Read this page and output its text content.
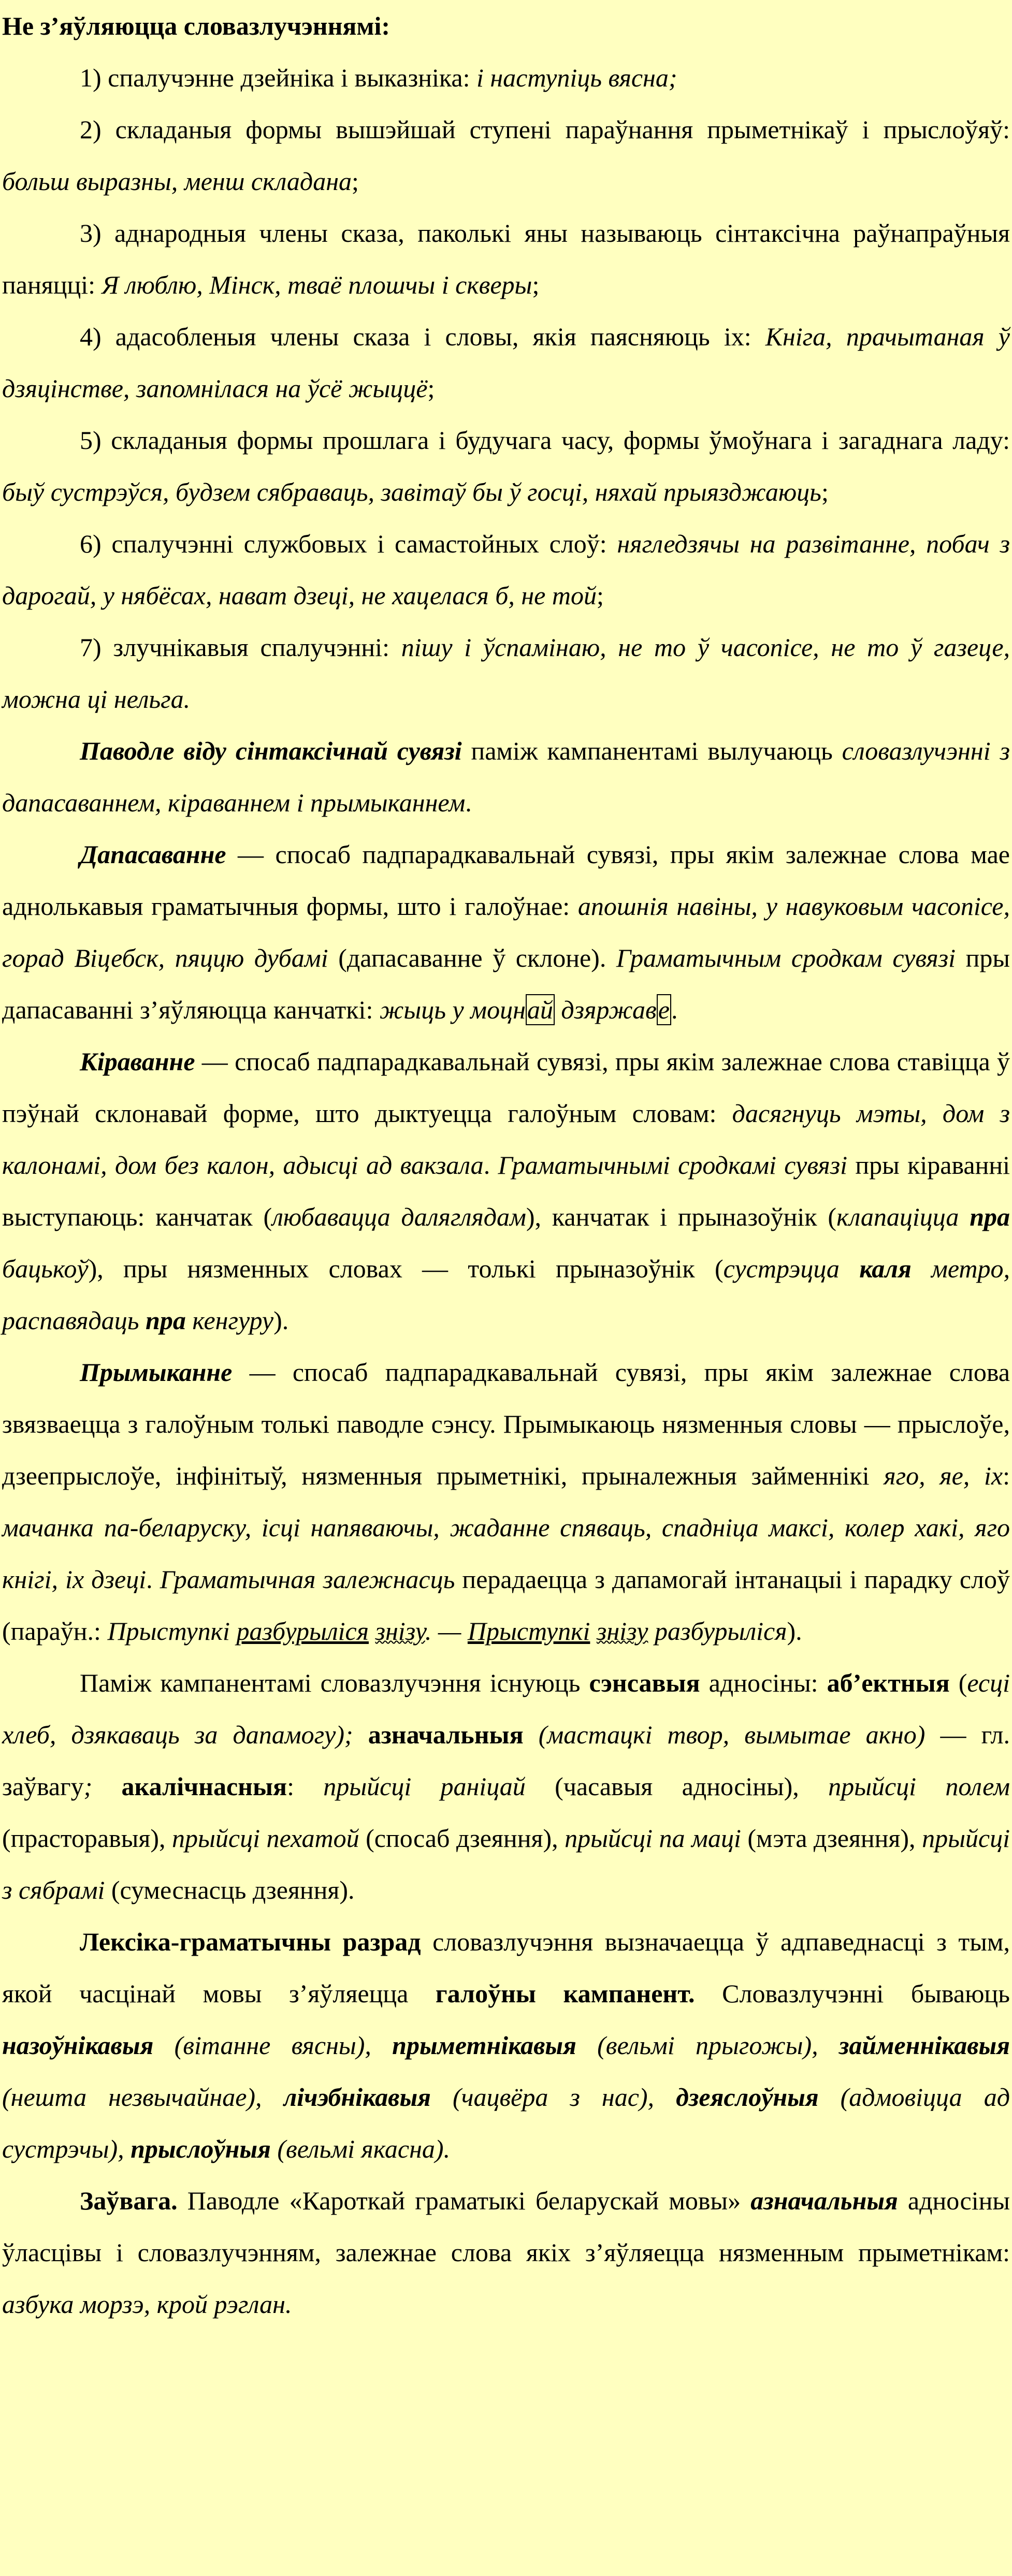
Не з’яўляюцца словазлучэннямі:

1) спалучэнне дзейніка і выказніка: і наступіць вясна;

2) складаныя формы вышэйшай ступені параўнання прыметнікаў і прыслоўяў: больш выразны, менш складана;

3) аднародныя члены сказа, паколькі яны называюць сінтаксічна раўнапраўныя паняцці: Я люблю, Мінск, тваё плошчы і скверы;

4) адасобленыя члены сказа і словы, якія паясняюць іх: Кніга, прачытаная ў дзяцінстве, запомнілася на ўсё жыццё;

5) складаныя формы прошлага і будучага часу, формы ўмоўнага і загаднага ладу: быў сустрэўся, будзем сябраваць, завітаў бы ў госці, няхай прыязджаюць;

6) спалучэнні службовых і самастойных слоў: нягледзячы на развітанне, побач з дарогай, у нябёсах, нават дзеці, не хацелася б, не той;

7) злучнікавыя спалучэнні: пішу і ўспамінаю, не то ў часопісе, не то ў газеце, можна ці нельга.

Паводле віду сінтаксічнай сувязі паміж кампанентамі вылучаюць словазлучэнні з дапасаваннем, кіраваннем і прымыканнем.

Дапасаванне — спосаб падпарадкавальнай сувязі, пры якім залежнае слова мае аднолькавыя граматычныя формы, што і галоўнае: апошнія навіны, у навуковым часопісе, горад Віцебск, пяццю дубамі (дапасаванне ў склоне). Граматычным сродкам сувязі пры дапасаванні з’яўляюцца канчаткі: жыць у моцнай дзяржаве.

Кіраванне — спосаб падпарадкавальнай сувязі, пры якім залежнае слова ставіцца ў пэўнай склонавай форме, што дыктуецца галоўным словам: дасягнуць мэты, дом з калонамі, дом без калон, адысці ад вакзала. Граматычнымі сродкамі сувязі пры кіраванні выступаюць: канчатак (любавацца даляглядам), канчатак і прыназоўнік (клапаціцца пра бацькоў), пры нязменных словах — толькі прыназоўнік (сустрэцца каля метро, распавядаць пра кенгуру).

Прымыканне — спосаб падпарадкавальнай сувязі, пры якім залежнае слова звязваецца з галоўным толькі паводле сэнсу. Прымыкаюць нязменныя словы — прыслоўе, дзеепрыслоўе, інфінітыў, нязменныя прыметнікі, прыналежныя займеннікі яго, яе, іх: мачанка па-беларуску, ісці напяваючы, жаданне спяваць, спадніца максі, колер хакі, яго кнігі, іх дзеці. Граматычная залежнасць перадаецца з дапамогай інтанацыі і парадку слоў (параўн.: Прыступкі разбурыліся знізу. — Прыступкі знізу разбурыліся).

Паміж кампанентамі словазлучэння існуюць сэнсавыя адносіны: аб’ектныя (есці хлеб, дзякаваць за дапамогу); азначальныя (мастацкі твор, вымытае акно) — гл. заўвагу; акалічнасныя: прыйсці раніцай (часавыя адносіны), прыйсці полем (прасторавыя), прыйсці пехатой (спосаб дзеяння), прыйсці па маці (мэта дзеяння), прыйсці з сябрамі (сумеснасць дзеяння).

Лексіка-граматычны разрад словазлучэння вызначаецца ў адпаведнасці з тым, якой часцінай мовы з’яўляецца галоўны кампанент. Словазлучэнні бываюць назоўнікавыя (вітанне вясны), прыметнікавыя (вельмі прыгожы), займеннікавыя (нешта незвычайнае), лічэбнікавыя (чацвёра з нас), дзеяслоўныя (адмовіцца ад сустрэчы), прыслоўныя (вельмі якасна).

Заўвага. Паводле «Кароткай граматыкі беларускай мовы» азначальныя адносіны ўласцівы і словазлучэнням, залежнае слова якіх з’яўляецца нязменным прыметнікам: азбука морзэ, крой рэглан.
